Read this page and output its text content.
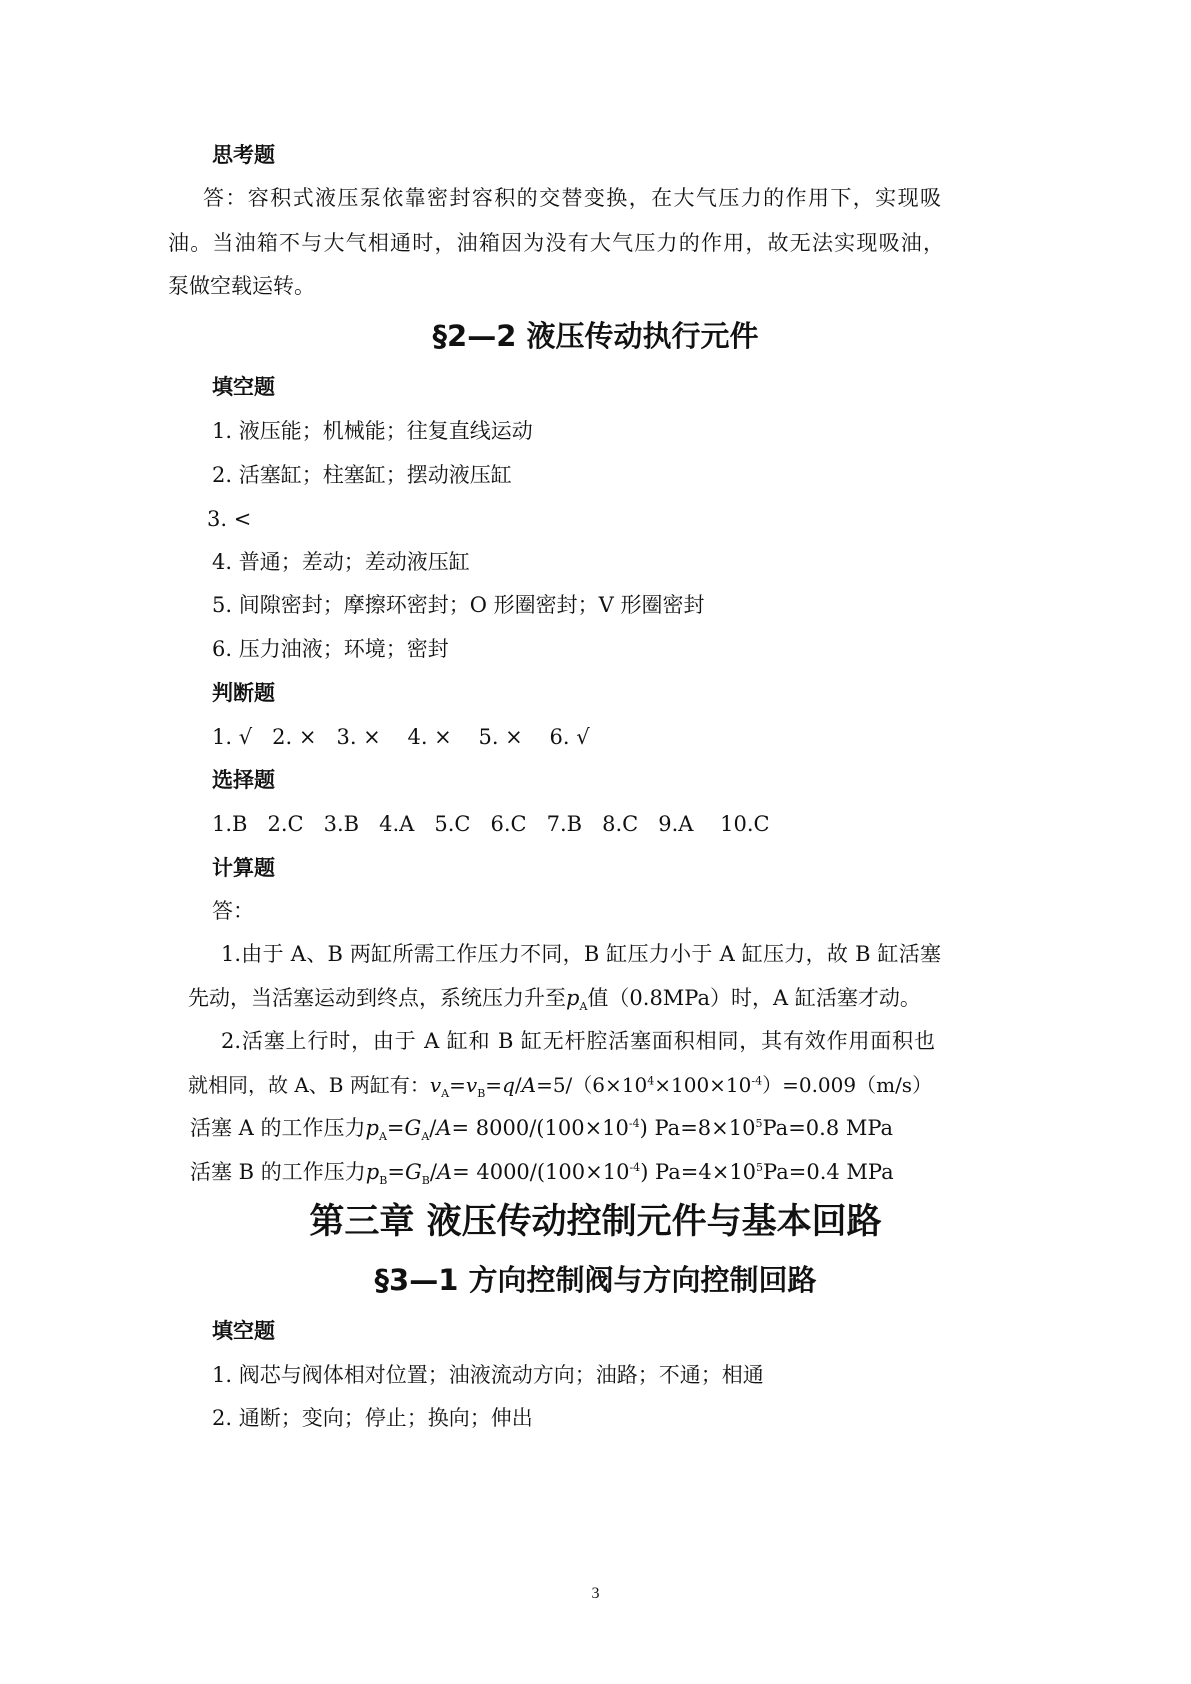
思考题
答：容积式液压泵依靠密封容积的交替变换，在大气压力的作用下，实现吸
油。当油箱不与大气相通时，油箱因为没有大气压力的作用，故无法实现吸油，
泵做空载运转。
§2—2 液压传动执行元件
填空题
1. 液压能；机械能；往复直线运动
2. 活塞缸；柱塞缸；摆动液压缸
3. <
4. 普通；差动；差动液压缸
5. 间隙密封；摩擦环密封；O 形圈密封；V 形圈密封
6. 压力油液；环境；密封
判断题
1. √   2. ×   3. ×    4. ×    5. ×    6. √
选择题
1.B   2.C   3.B   4.A   5.C   6.C   7.B   8.C   9.A    10.C
计算题
答：
1.由于 A、B 两缸所需工作压力不同，B 缸压力小于 A 缸压力，故 B 缸活塞
先动，当活塞运动到终点，系统压力升至$p_A$值（0.8MPa）时，A 缸活塞才动。
2.活塞上行时，由于 A 缸和 B 缸无杆腔活塞面积相同，其有效作用面积也
就相同，故 A、B 两缸有：$v_A=v_B=q/A=5/(6\times 10^4\times 100\times 10^{-4})=0.009(m/s)$
活塞 A 的工作压力$p_A=G_A/A= 8000/(100\times 10^{-4})$ $Pa=8\times 10^5Pa=0.8$ MPa
活塞 B 的工作压力$p_B=G_B/A= 4000/(100\times 10^{-4})$ $Pa=4\times 10^5Pa=0.4$ MPa
第三章 液压传动控制元件与基本回路
§3—1 方向控制阀与方向控制回路
填空题
1. 阀芯与阀体相对位置；油液流动方向；油路；不通；相通
2. 通断；变向；停止；换向；伸出
3
